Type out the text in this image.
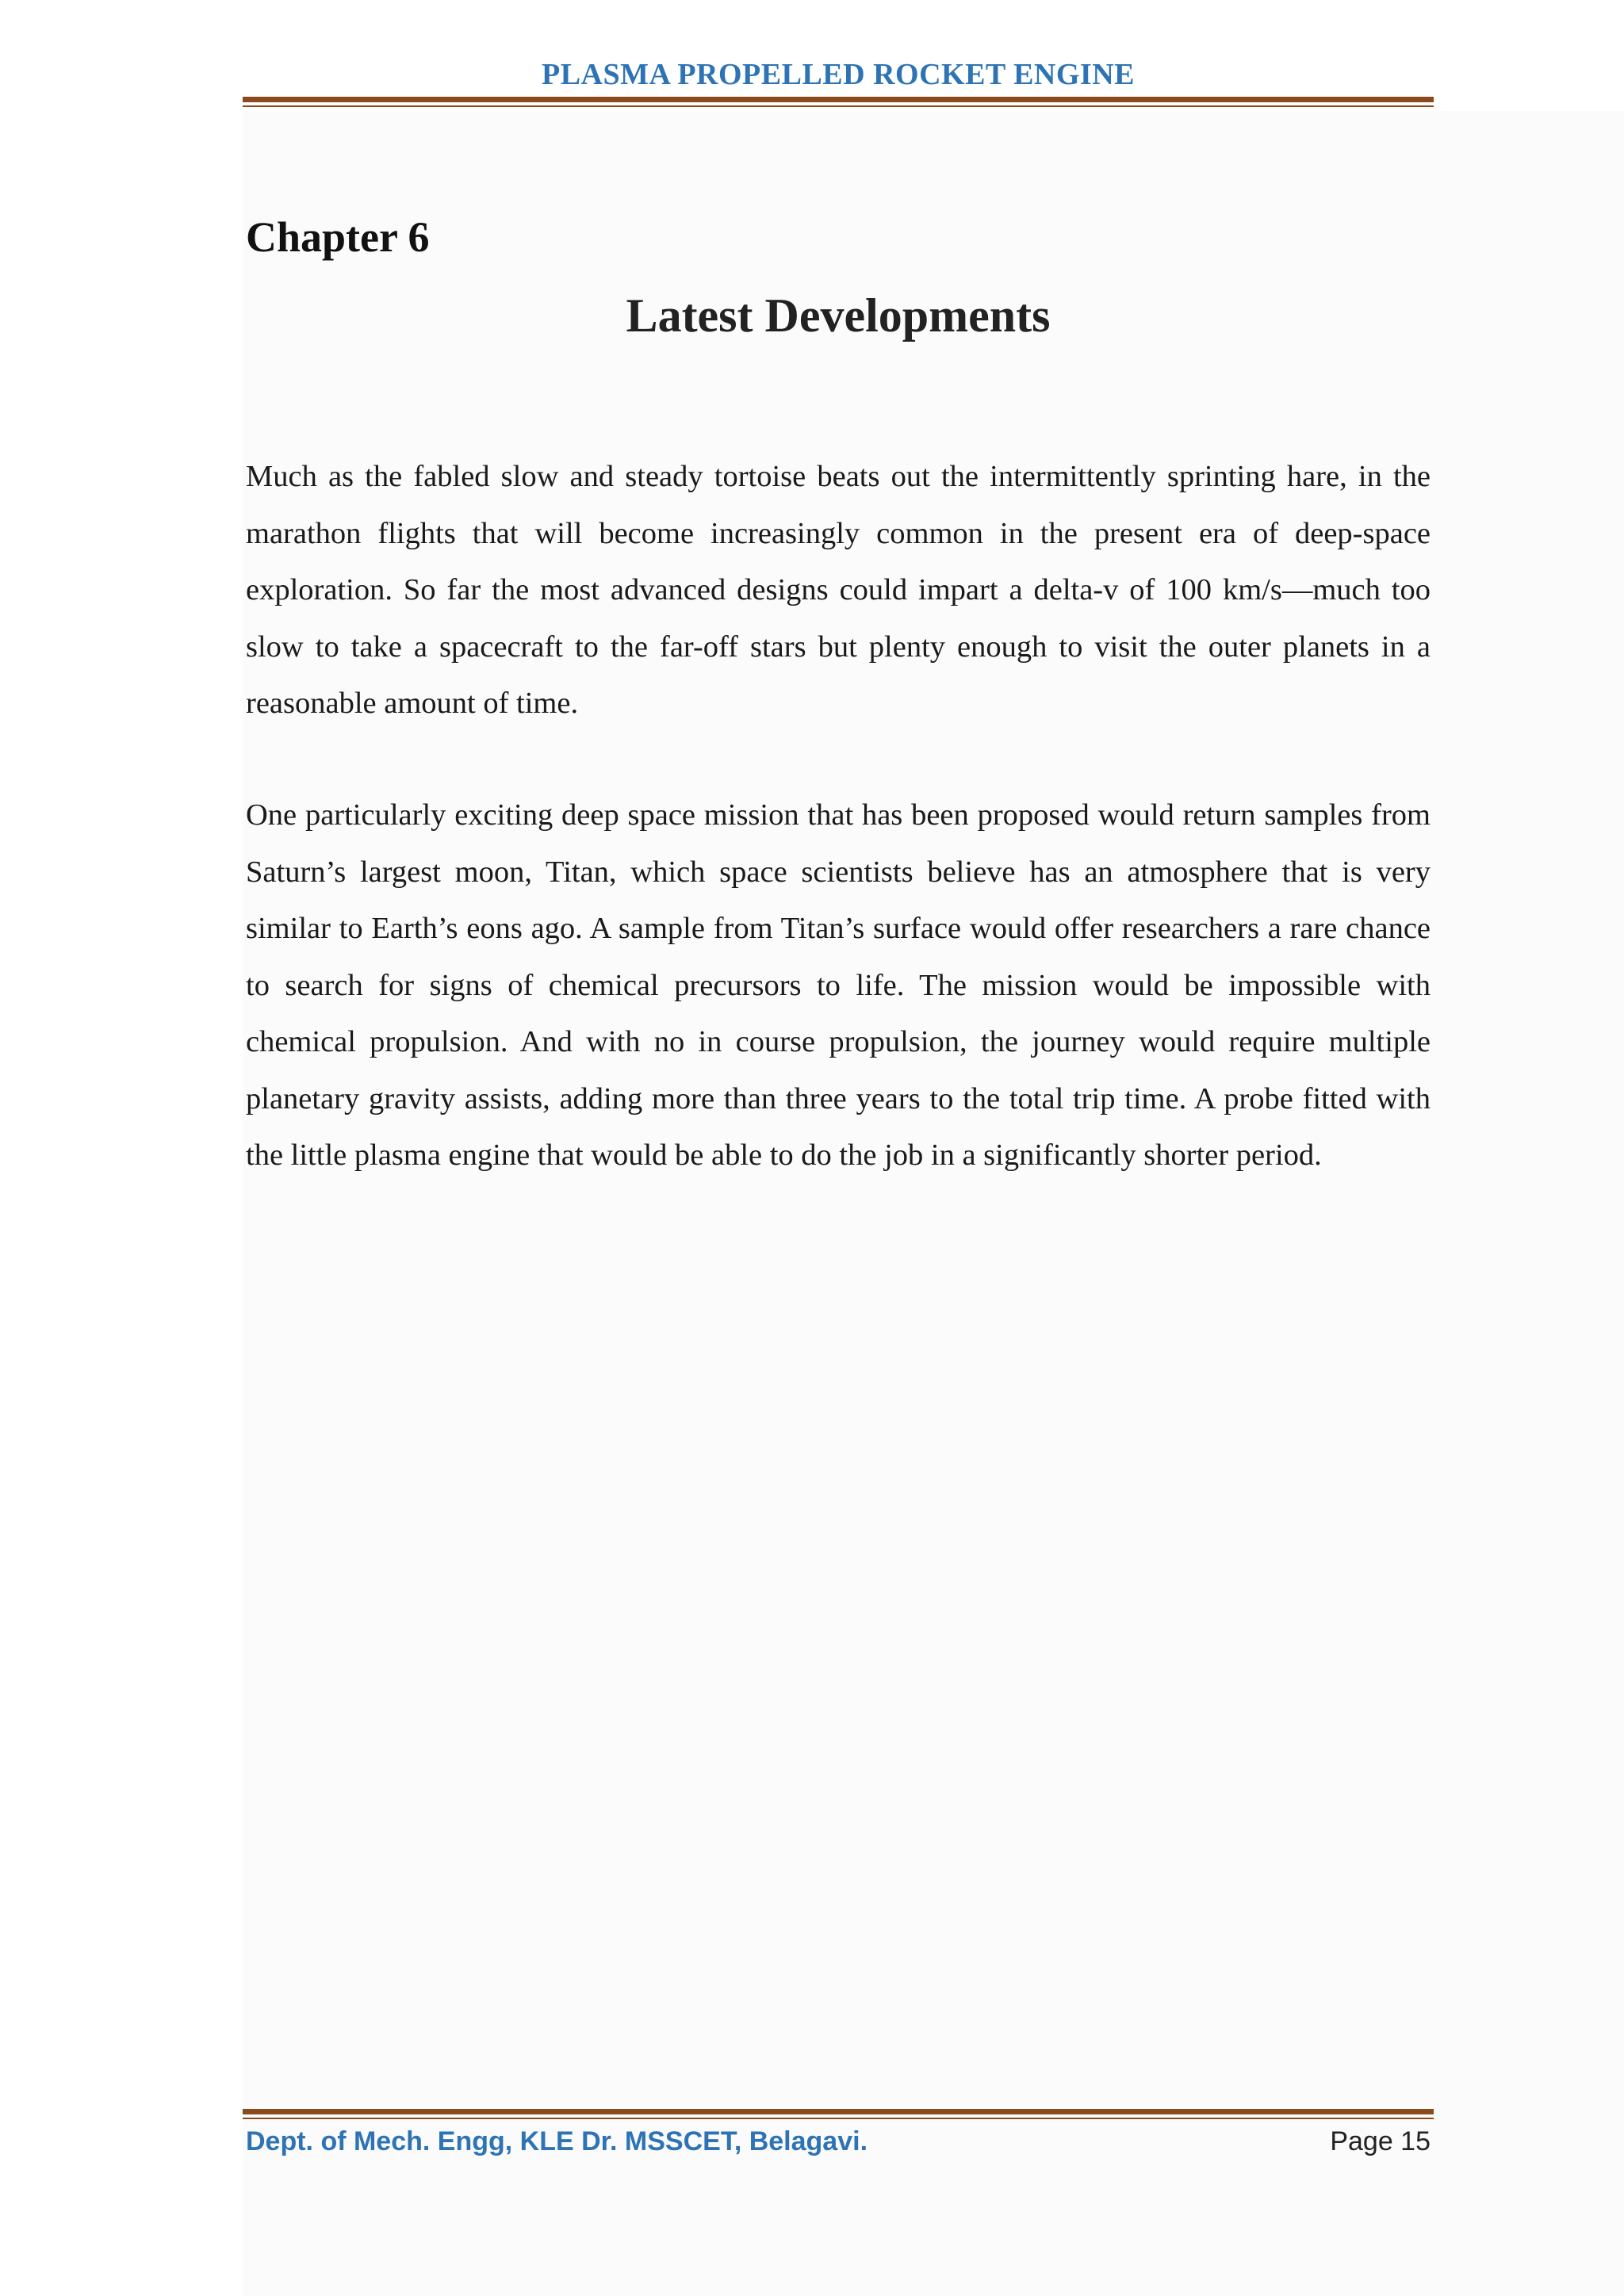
PLASMA PROPELLED ROCKET ENGINE
Chapter 6
Latest Developments

Much as the fabled slow and steady tortoise beats out the intermittently sprinting hare, in the marathon flights that will become increasingly common in the present era of deep-space exploration. So far the most advanced designs could impart a delta-v of 100 km/s—much too slow to take a spacecraft to the far-off stars but plenty enough to visit the outer planets in a reasonable amount of time.

One particularly exciting deep space mission that has been proposed would return samples from Saturn’s largest moon, Titan, which space scientists believe has an atmosphere that is very similar to Earth’s eons ago. A sample from Titan’s surface would offer researchers a rare chance to search for signs of chemical precursors to life. The mission would be impossible with chemical propulsion. And with no in course propulsion, the journey would require multiple planetary gravity assists, adding more than three years to the total trip time. A probe fitted with the little plasma engine that would be able to do the job in a significantly shorter period.

Dept. of Mech. Engg, KLE Dr. MSSCET, Belagavi.	Page 15
